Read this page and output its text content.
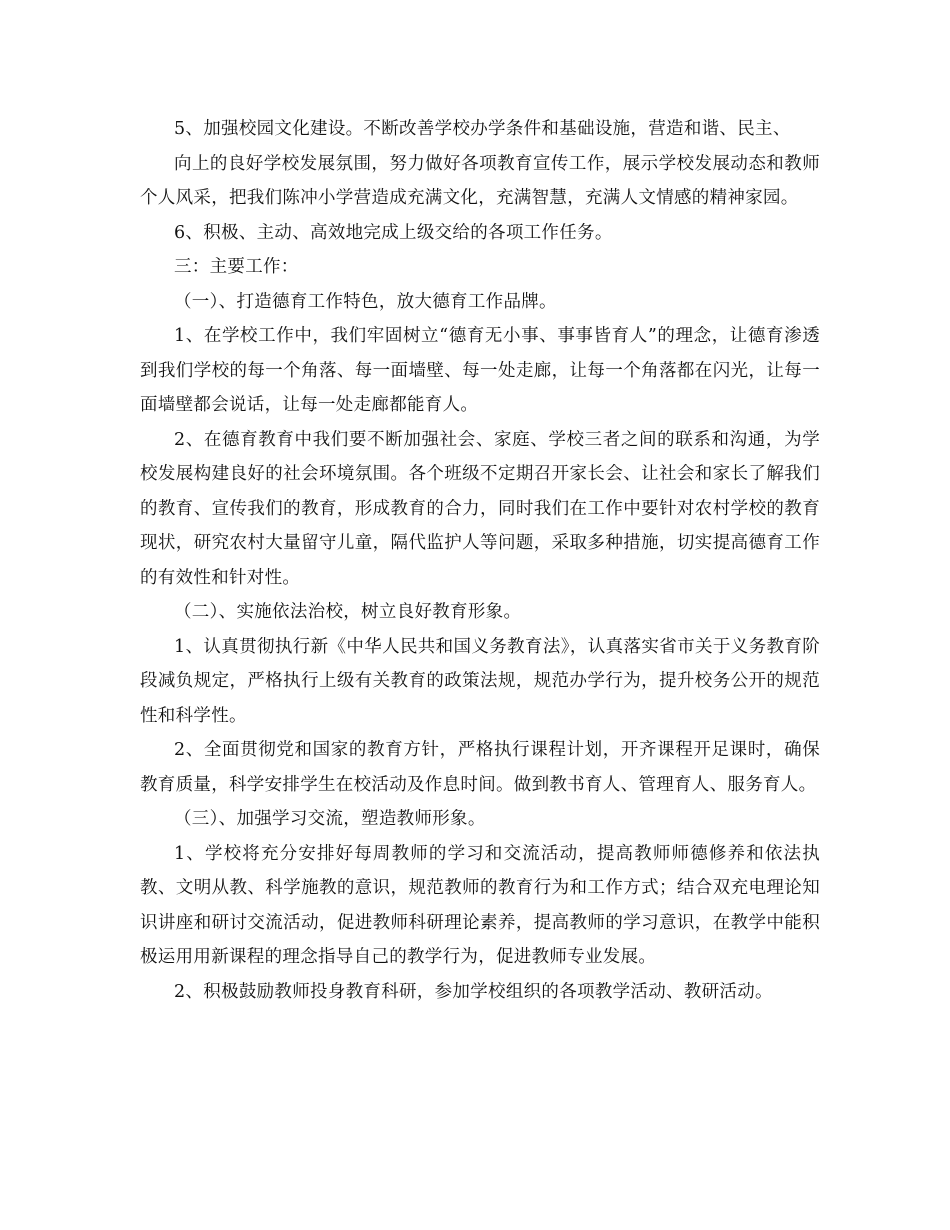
5、加强校园文化建设。不断改善学校办学条件和基础设施，营造和谐、民主、

向上的良好学校发展氛围，努力做好各项教育宣传工作，展示学校发展动态和教师个人风采，把我们陈冲小学营造成充满文化，充满智慧，充满人文情感的精神家园。

6、积极、主动、高效地完成上级交给的各项工作任务。

三：主要工作：

（一）、打造德育工作特色，放大德育工作品牌。

1、在学校工作中，我们牢固树立“德育无小事、事事皆育人”的理念，让德育渗透到我们学校的每一个角落、每一面墙壁、每一处走廊，让每一个角落都在闪光，让每一面墙壁都会说话，让每一处走廊都能育人。

2、在德育教育中我们要不断加强社会、家庭、学校三者之间的联系和沟通，为学校发展构建良好的社会环境氛围。各个班级不定期召开家长会、让社会和家长了解我们的教育、宣传我们的教育，形成教育的合力，同时我们在工作中要针对农村学校的教育现状，研究农村大量留守儿童，隔代监护人等问题，采取多种措施，切实提高德育工作的有效性和针对性。

（二）、实施依法治校，树立良好教育形象。

1、认真贯彻执行新《中华人民共和国义务教育法》，认真落实省市关于义务教育阶段减负规定，严格执行上级有关教育的政策法规，规范办学行为，提升校务公开的规范性和科学性。

2、全面贯彻党和国家的教育方针，严格执行课程计划，开齐课程开足课时，确保教育质量，科学安排学生在校活动及作息时间。做到教书育人、管理育人、服务育人。

（三）、加强学习交流，塑造教师形象。

1、学校将充分安排好每周教师的学习和交流活动，提高教师师德修养和依法执教、文明从教、科学施教的意识，规范教师的教育行为和工作方式；结合双充电理论知识讲座和研讨交流活动，促进教师科研理论素养，提高教师的学习意识，在教学中能积极运用用新课程的理念指导自己的教学行为，促进教师专业发展。

2、积极鼓励教师投身教育科研，参加学校组织的各项教学活动、教研活动。
